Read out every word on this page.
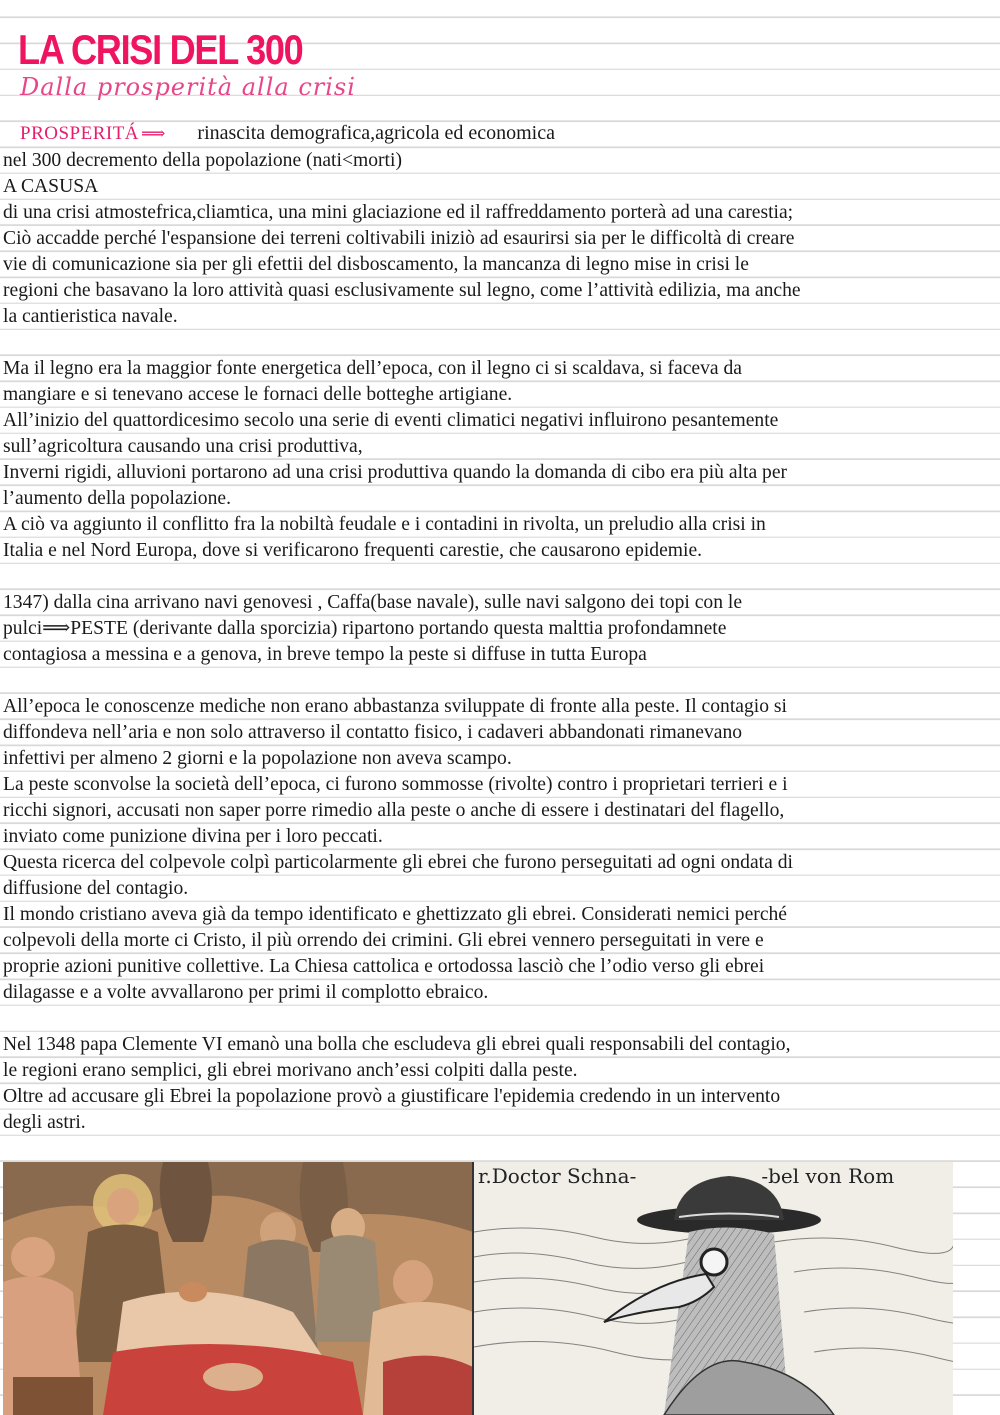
LA CRISI DEL 300
Dalla prosperità alla crisi
PROSPERITÁ ⟹ rinascita demografica,agricola ed economica
nel 300 decremento della popolazione (nati<morti)
A CASUSA
di una crisi atmostefrica,cliamtica, una mini glaciazione ed il raffreddamento porterà ad una carestia;
Ciò accadde perché l'espansione dei terreni coltivabili iniziò ad esaurirsi sia per le difficoltà di creare
vie di comunicazione sia per gli efettii del disboscamento, la mancanza di legno mise in crisi le
regioni che basavano la loro attività quasi esclusivamente sul legno, come l’attività edilizia, ma anche
la cantieristica navale.
Ma il legno era la maggior fonte energetica dell’epoca, con il legno ci si scaldava, si faceva da
mangiare e si tenevano accese le fornaci delle botteghe artigiane.
All’inizio del quattordicesimo secolo una serie di eventi climatici negativi influirono pesantemente
sull’agricoltura causando una crisi produttiva,
Inverni rigidi, alluvioni portarono ad una crisi produttiva quando la domanda di cibo era più alta per
l’aumento della popolazione.
A ciò va aggiunto il conflitto fra la nobiltà feudale e i contadini in rivolta, un preludio alla crisi in
Italia e nel Nord Europa, dove si verificarono frequenti carestie, che causarono epidemie.
1347) dalla cina arrivano navi genovesi , Caffa(base navale), sulle navi salgono dei topi con le
pulci⟹PESTE (derivante dalla sporcizia) ripartono portando questa malttia profondamnete
contagiosa a messina e a genova, in breve tempo la peste si diffuse in tutta Europa
All’epoca le conoscenze mediche non erano abbastanza sviluppate di fronte alla peste. Il contagio si
diffondeva nell’aria e non solo attraverso il contatto fisico, i cadaveri abbandonati rimanevano
infettivi per almeno 2 giorni e la popolazione non aveva scampo.
La peste sconvolse la società dell’epoca, ci furono sommosse (rivolte) contro i proprietari terrieri e i
ricchi signori, accusati non saper porre rimedio alla peste o anche di essere i destinatari del flagello,
inviato come punizione divina per i loro peccati.
Questa ricerca del colpevole colpì particolarmente gli ebrei che furono perseguitati ad ogni ondata di
diffusione del contagio.
Il mondo cristiano aveva già da tempo identificato e ghettizzato gli ebrei. Considerati nemici perché
colpevoli della morte ci Cristo, il più orrendo dei crimini. Gli ebrei vennero perseguitati in vere e
proprie azioni punitive collettive. La Chiesa cattolica e ortodossa lasciò che l’odio verso gli ebrei
dilagasse e a volte avvallarono per primi il complotto ebraico.
Nel 1348 papa Clemente VI emanò una bolla che escludeva gli ebrei quali responsabili del contagio,
le regioni erano semplici, gli ebrei morivano anch’essi colpiti dalla peste.
Oltre ad accusare gli Ebrei la popolazione provò a giustificare l'epidemia credendo in un intervento
degli astri.
r.Doctor Schna-	-bel von Rom
